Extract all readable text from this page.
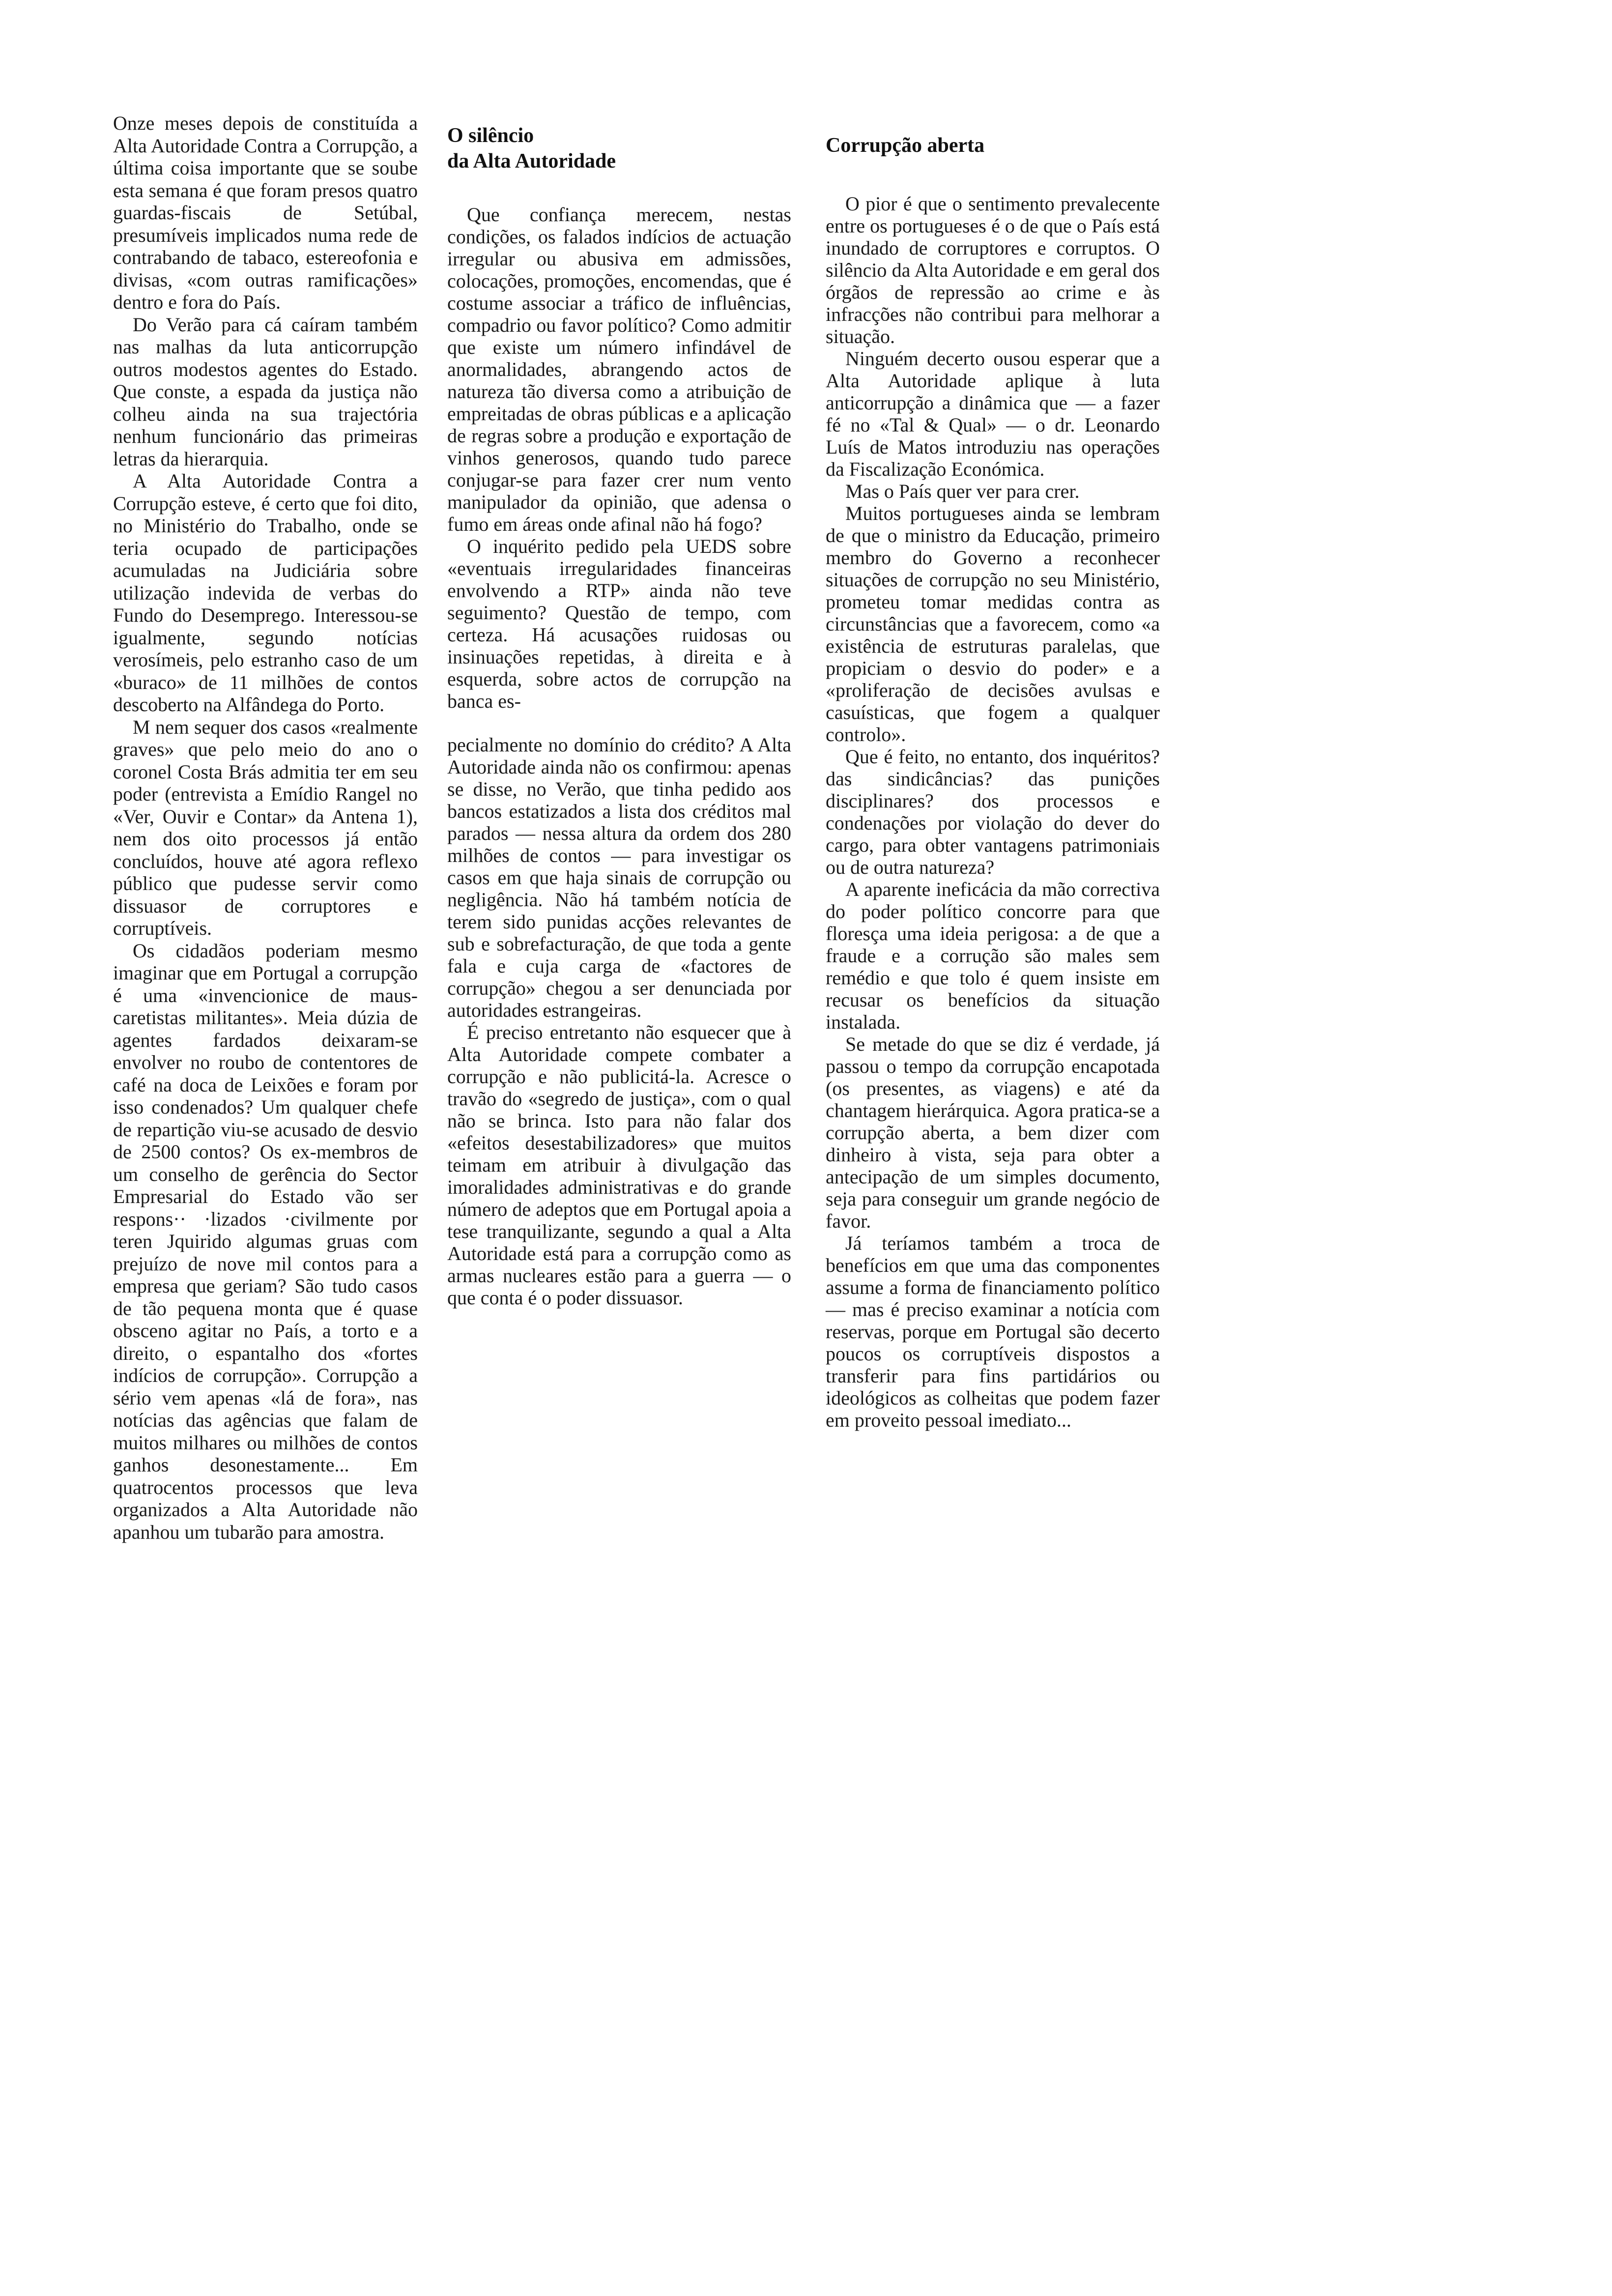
Onze meses depois de constituída a Alta Autoridade Contra a Corrupção, a última coisa importante que se soube esta semana é que foram presos quatro guardas-fiscais de Setúbal, presumíveis implicados numa rede de contrabando de tabaco, estereofonia e divisas, «com outras ramificações» dentro e fora do País.

Do Verão para cá caíram também nas malhas da luta anticorrupção outros modestos agentes do Estado. Que conste, a espada da justiça não colheu ainda na sua trajectória nenhum funcionário das primeiras letras da hierarquia.

A Alta Autoridade Contra a Corrupção esteve, é certo que foi dito, no Ministério do Trabalho, onde se teria ocupado de participações acumuladas na Judiciária sobre utilização indevida de verbas do Fundo do Desemprego. Interessou-se igualmente, segundo notícias verosímeis, pelo estranho caso de um «buraco» de 11 milhões de contos descoberto na Alfândega do Porto.

M nem sequer dos casos «realmente graves» que pelo meio do ano o coronel Costa Brás admitia ter em seu poder (entrevista a Emídio Rangel no «Ver, Ouvir e Contar» da Antena 1), nem dos oito processos já então concluídos, houve até agora reflexo público que pudesse servir como dissuasor de corruptores e corruptíveis.

Os cidadãos poderiam mesmo imaginar que em Portugal a corrupção é uma «invencionice de maus-caretistas militantes». Meia dúzia de agentes fardados deixaram-se envolver no roubo de contentores de café na doca de Leixões e foram por isso condenados? Um qualquer chefe de repartição viu-se acusado de desvio de 2500 contos? Os ex-membros de um conselho de gerência do Sector Empresarial do Estado vão ser respons·· ·lizados ·civilmente por teren Jquirido algumas gruas com prejuízo de nove mil contos para a empresa que geriam? São tudo casos de tão pequena monta que é quase obsceno agitar no País, a torto e a direito, o espantalho dos «fortes indícios de corrupção». Corrupção a sério vem apenas «lá de fora», nas notícias das agências que falam de muitos milhares ou milhões de contos ganhos desonestamente... Em quatrocentos processos que leva organizados a Alta Autoridade não apanhou um tubarão para amostra.

O silêncio
da Alta Autoridade

Que confiança merecem, nestas condições, os falados indícios de actuação irregular ou abusiva em admissões, colocações, promoções, encomendas, que é costume associar a tráfico de influências, compadrio ou favor político? Como admitir que existe um número infindável de anormalidades, abrangendo actos de natureza tão diversa como a atribuição de empreitadas de obras públicas e a aplicação de regras sobre a produção e exportação de vinhos generosos, quando tudo parece conjugar-se para fazer crer num vento manipulador da opinião, que adensa o fumo em áreas onde afinal não há fogo?

O inquérito pedido pela UEDS sobre «eventuais irregularidades financeiras envolvendo a RTP» ainda não teve seguimento? Questão de tempo, com certeza. Há acusações ruidosas ou insinuações repetidas, à direita e à esquerda, sobre actos de corrupção na banca es-

pecialmente no domínio do crédito? A Alta Autoridade ainda não os confirmou: apenas se disse, no Verão, que tinha pedido aos bancos estatizados a lista dos créditos mal parados — nessa altura da ordem dos 280 milhões de contos — para investigar os casos em que haja sinais de corrupção ou negligência. Não há também notícia de terem sido punidas acções relevantes de sub e sobrefacturação, de que toda a gente fala e cuja carga de «factores de corrupção» chegou a ser denunciada por autoridades estrangeiras.

É preciso entretanto não esquecer que à Alta Autoridade compete combater a corrupção e não publicitá-la. Acresce o travão do «segredo de justiça», com o qual não se brinca. Isto para não falar dos «efeitos desestabilizadores» que muitos teimam em atribuir à divulgação das imoralidades administrativas e do grande número de adeptos que em Portugal apoia a tese tranquilizante, segundo a qual a Alta Autoridade está para a corrupção como as armas nucleares estão para a guerra — o que conta é o poder dissuasor.

Corrupção aberta

O pior é que o sentimento prevalecente entre os portugueses é o de que o País está inundado de corruptores e corruptos. O silêncio da Alta Autoridade e em geral dos órgãos de repressão ao crime e às infracções não contribui para melhorar a situação.

Ninguém decerto ousou esperar que a Alta Autoridade aplique à luta anticorrupção a dinâmica que — a fazer fé no «Tal & Qual» — o dr. Leonardo Luís de Matos introduziu nas operações da Fiscalização Económica.

Mas o País quer ver para crer.

Muitos portugueses ainda se lembram de que o ministro da Educação, primeiro membro do Governo a reconhecer situações de corrupção no seu Ministério, prometeu tomar medidas contra as circunstâncias que a favorecem, como «a existência de estruturas paralelas, que propiciam o desvio do poder» e a «proliferação de decisões avulsas e casuísticas, que fogem a qualquer controlo».

Que é feito, no entanto, dos inquéritos? das sindicâncias? das punições disciplinares? dos processos e condenações por violação do dever do cargo, para obter vantagens patrimoniais ou de outra natureza?

A aparente ineficácia da mão correctiva do poder político concorre para que floresça uma ideia perigosa: a de que a fraude e a corrução são males sem remédio e que tolo é quem insiste em recusar os benefícios da situação instalada.

Se metade do que se diz é verdade, já passou o tempo da corrupção encapotada (os presentes, as viagens) e até da chantagem hierárquica. Agora pratica-se a corrupção aberta, a bem dizer com dinheiro à vista, seja para obter a antecipação de um simples documento, seja para conseguir um grande negócio de favor.

Já teríamos também a troca de benefícios em que uma das componentes assume a forma de financiamento político — mas é preciso examinar a notícia com reservas, porque em Portugal são decerto poucos os corruptíveis dispostos a transferir para fins partidários ou ideológicos as colheitas que podem fazer em proveito pessoal imediato...
